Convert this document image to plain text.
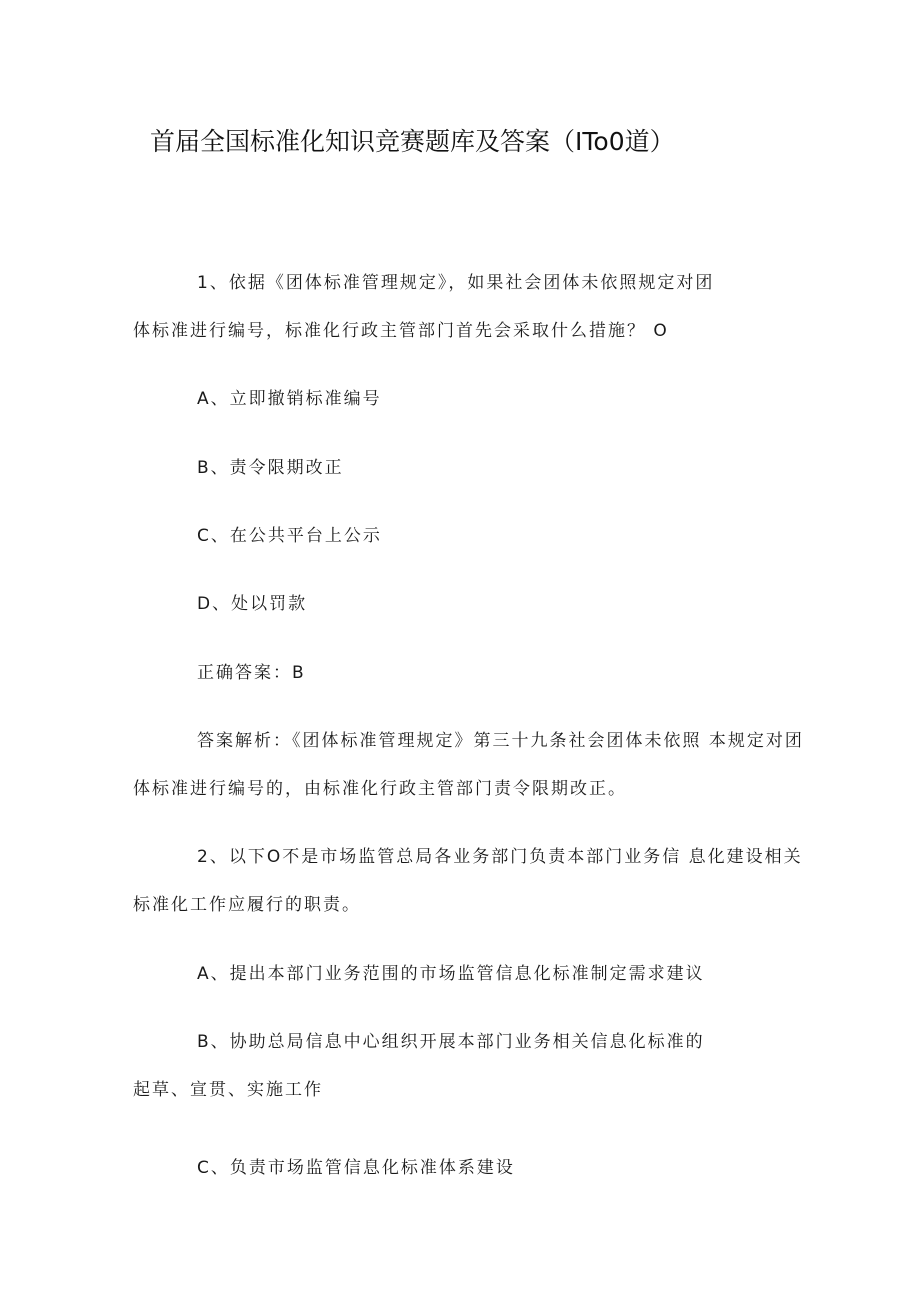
首届全国标准化知识竞赛题库及答案（ITo0道）
1、依据《团体标准管理规定》，如果社会团体未依照规定对团
体标准进行编号，标准化行政主管部门首先会采取什么措施？ O
A、立即撤销标准编号
B、责令限期改正
C、在公共平台上公示
D、处以罚款
正确答案：B
答案解析：《团体标准管理规定》第三十九条社会团体未依照 本规定对团
体标准进行编号的，由标准化行政主管部门责令限期改正。
2、以下O不是市场监管总局各业务部门负责本部门业务信 息化建设相关
标准化工作应履行的职责。
A、提出本部门业务范围的市场监管信息化标准制定需求建议
B、协助总局信息中心组织开展本部门业务相关信息化标准的
起草、宣贯、实施工作
C、负责市场监管信息化标准体系建设
